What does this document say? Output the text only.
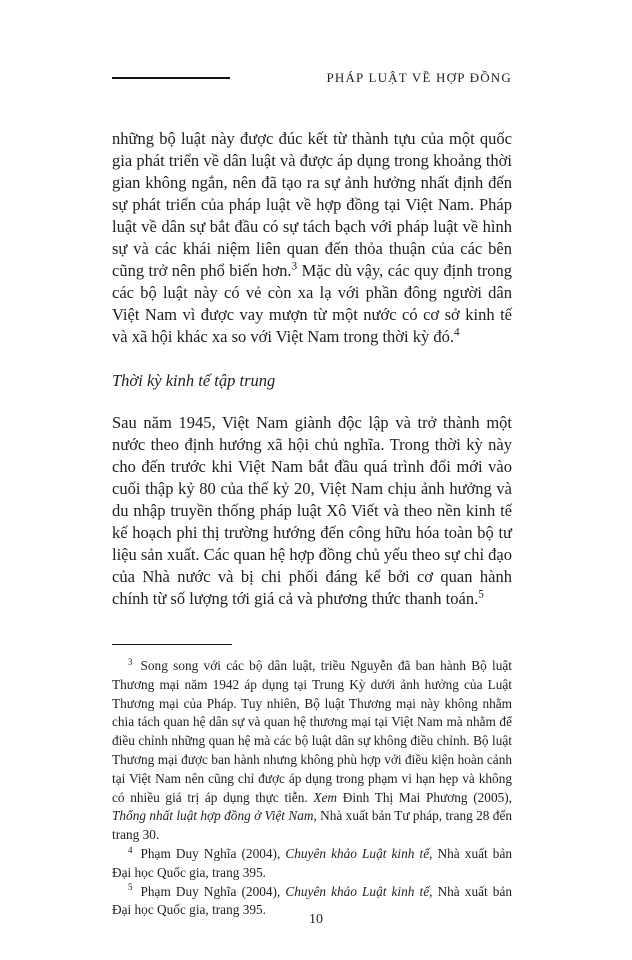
PHÁP LUẬT VỀ HỢP ĐỒNG

những bộ luật này được đúc kết từ thành tựu của một quốc gia phát triển về dân luật và được áp dụng trong khoảng thời gian không ngắn, nên đã tạo ra sự ảnh hưởng nhất định đến sự phát triển của pháp luật về hợp đồng tại Việt Nam. Pháp luật về dân sự bắt đầu có sự tách bạch với pháp luật về hình sự và các khái niệm liên quan đến thỏa thuận của các bên cũng trở nên phổ biến hơn.$^3$ Mặc dù vậy, các quy định trong các bộ luật này có vẻ còn xa lạ với phần đông người dân Việt Nam vì được vay mượn từ một nước có cơ sở kinh tế và xã hội khác xa so với Việt Nam trong thời kỳ đó.$^4$

Thời kỳ kinh tế tập trung

Sau năm 1945, Việt Nam giành độc lập và trở thành một nước theo định hướng xã hội chủ nghĩa. Trong thời kỳ này cho đến trước khi Việt Nam bắt đầu quá trình đổi mới vào cuối thập kỷ 80 của thế kỷ 20, Việt Nam chịu ảnh hưởng và du nhập truyền thống pháp luật Xô Viết và theo nền kinh tế kế hoạch phi thị trường hướng đến công hữu hóa toàn bộ tư liệu sản xuất. Các quan hệ hợp đồng chủ yếu theo sự chỉ đạo của Nhà nước và bị chi phối đáng kể bởi cơ quan hành chính từ số lượng tới giá cả và phương thức thanh toán.$^5$

$^3$ Song song với các bộ dân luật, triều Nguyễn đã ban hành Bộ luật Thương mại năm 1942 áp dụng tại Trung Kỳ dưới ảnh hưởng của Luật Thương mại của Pháp. Tuy nhiên, Bộ luật Thương mại này không nhằm chia tách quan hệ dân sự và quan hệ thương mại tại Việt Nam mà nhằm để điều chỉnh những quan hệ mà các bộ luật dân sự không điều chỉnh. Bộ luật Thương mại được ban hành nhưng không phù hợp với điều kiện hoàn cảnh tại Việt Nam nên cũng chỉ được áp dụng trong phạm vi hạn hẹp và không có nhiều giá trị áp dụng thực tiễn. Xem Đinh Thị Mai Phương (2005), Thống nhất luật hợp đồng ở Việt Nam, Nhà xuất bản Tư pháp, trang 28 đến trang 30.

$^4$ Phạm Duy Nghĩa (2004), Chuyên khảo Luật kinh tế, Nhà xuất bản Đại học Quốc gia, trang 395.

$^5$ Phạm Duy Nghĩa (2004), Chuyên khảo Luật kinh tế, Nhà xuất bản Đại học Quốc gia, trang 395.

10
